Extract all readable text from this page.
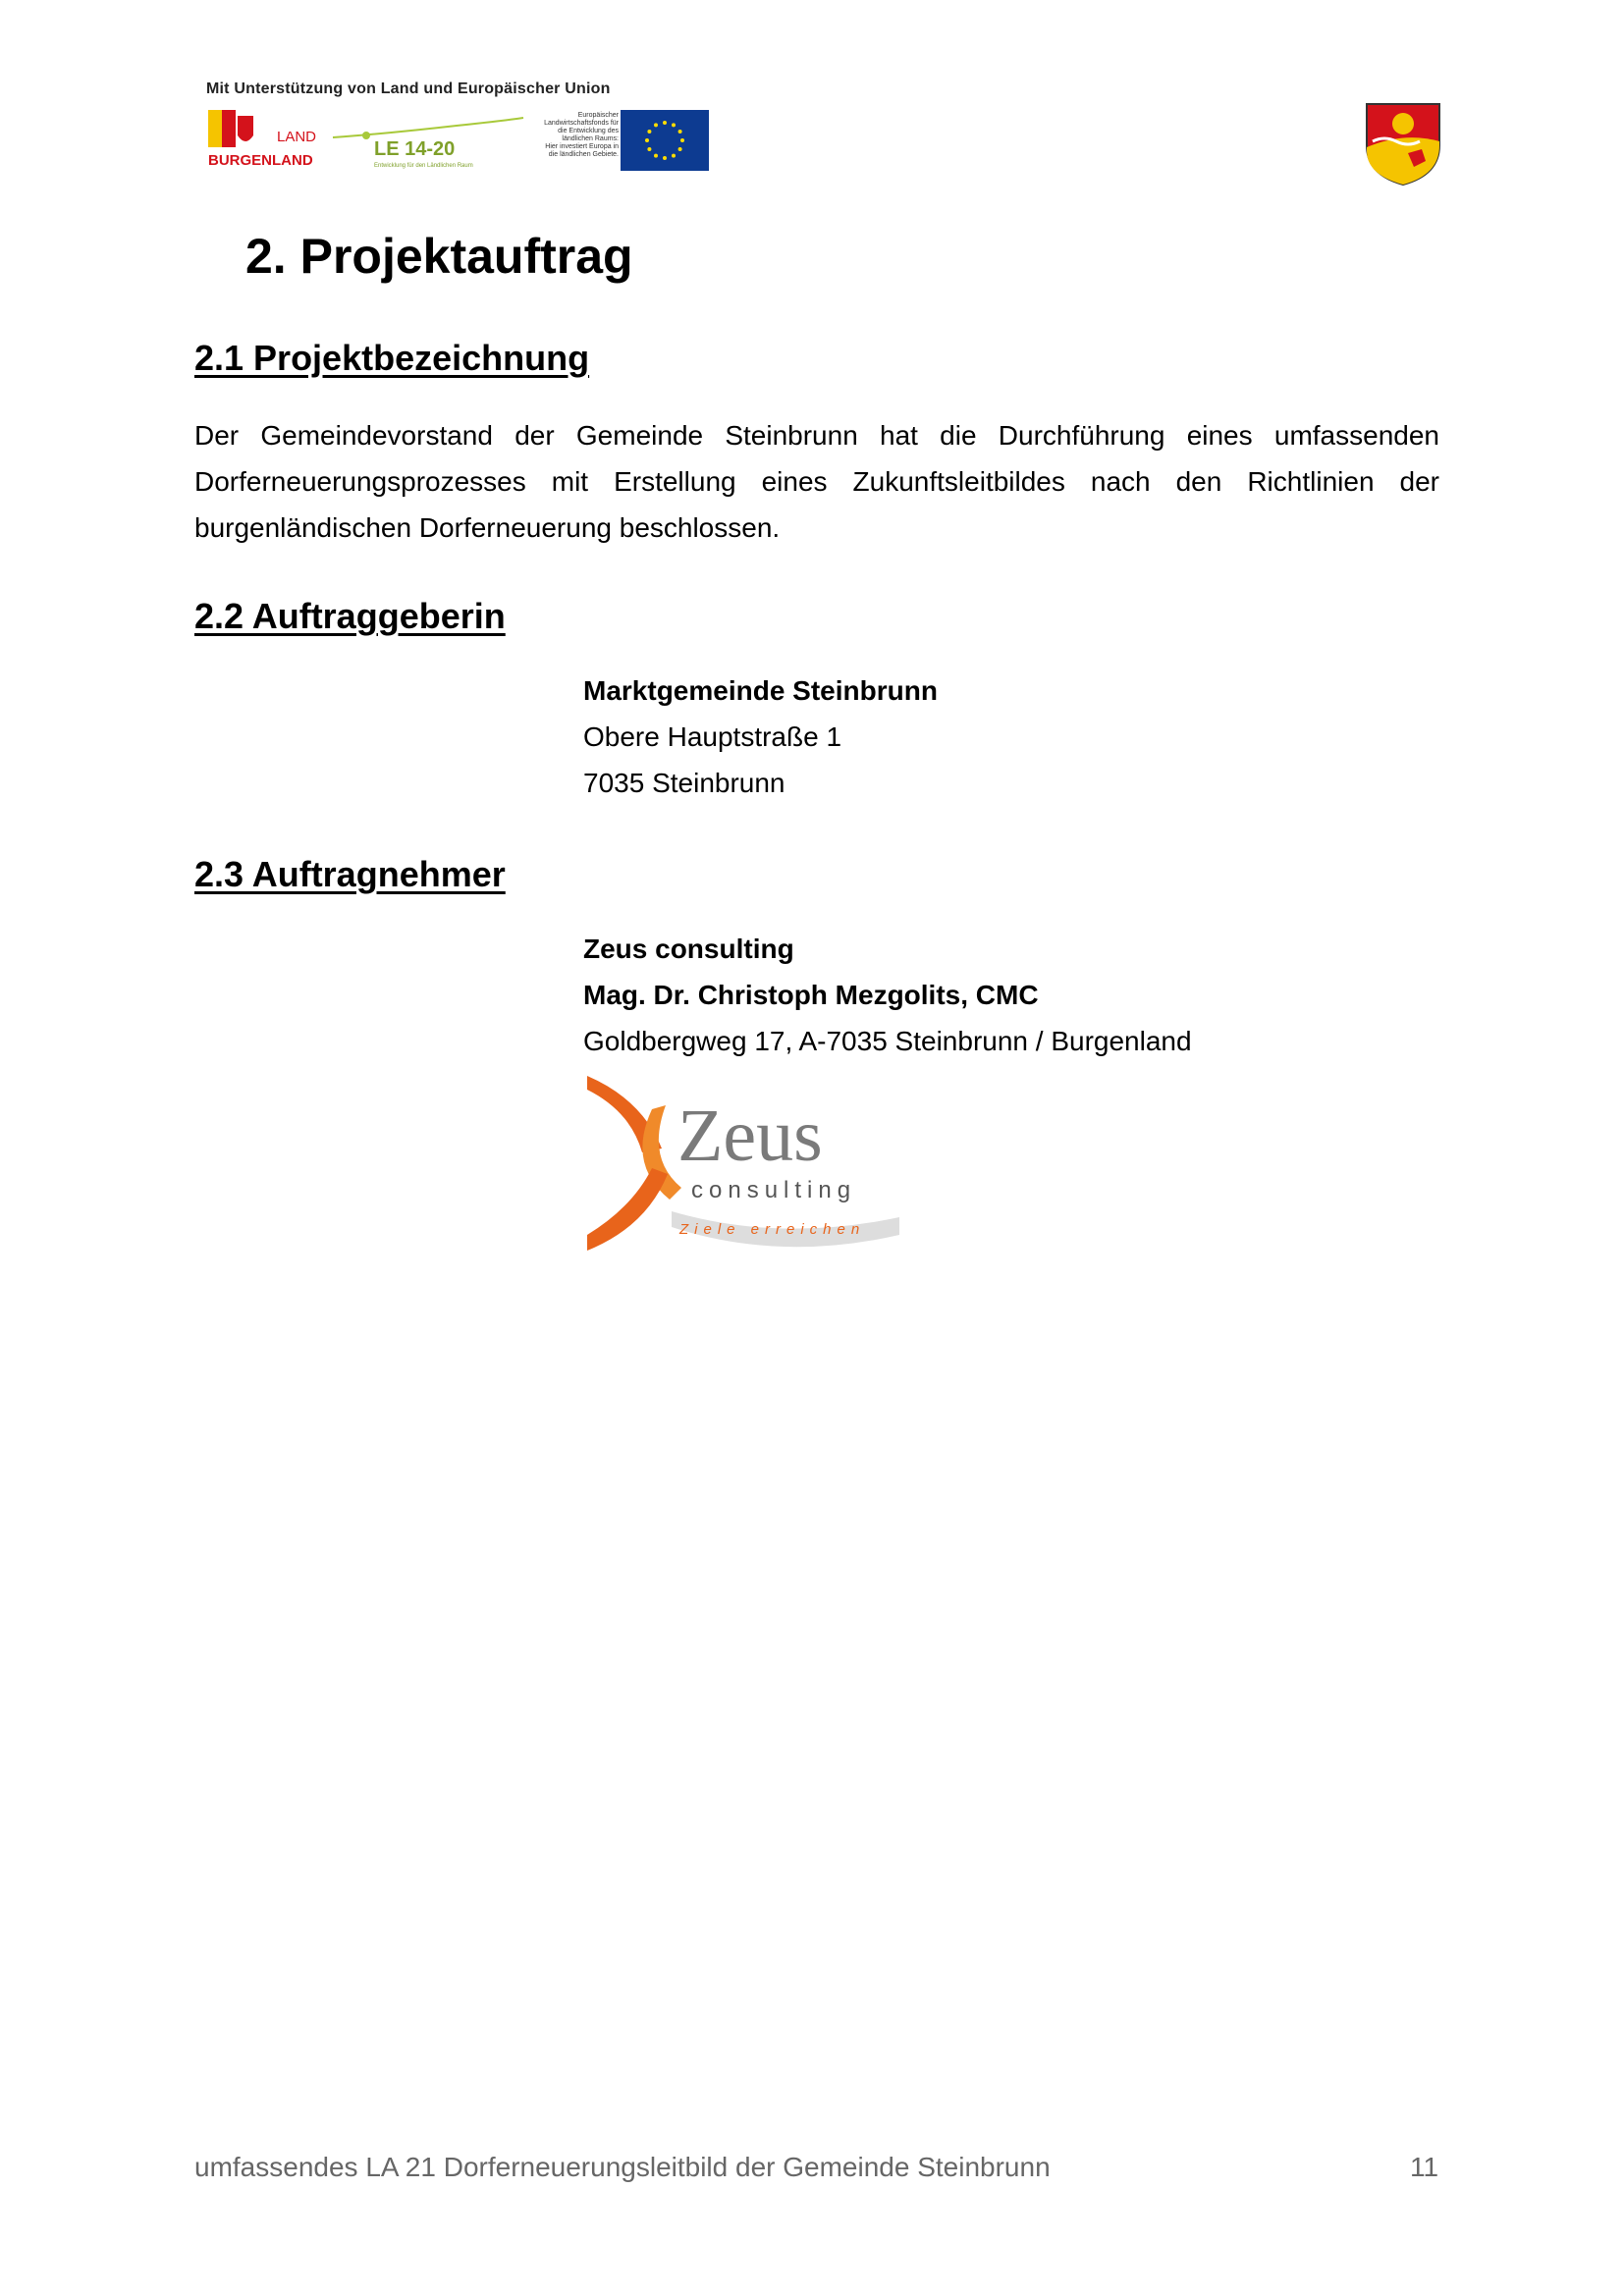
Mit Unterstützung von Land und Europäischer Union
LAND
BURGENLAND
LE 14-20
Entwicklung für den Ländlichen Raum
Europäischer
Landwirtschaftsfonds für
die Entwicklung des
ländlichen Raums:
Hier investiert Europa in
die ländlichen Gebiete.
2. Projektauftrag
2.1 Projektbezeichnung
Der Gemeindevorstand der Gemeinde Steinbrunn hat die Durchführung eines umfassenden Dorferneuerungsprozesses mit Erstellung eines Zukunftsleitbildes nach den Richtlinien der burgenländischen Dorferneuerung beschlossen.
2.2 Auftraggeberin
Marktgemeinde Steinbrunn
Obere Hauptstraße 1
7035 Steinbrunn
2.3 Auftragnehmer
Zeus consulting
Mag. Dr. Christoph Mezgolits, CMC
Goldbergweg 17, A-7035 Steinbrunn / Burgenland
Zeus
consulting
Ziele erreichen
umfassendes LA 21 Dorferneuerungsleitbild der Gemeinde Steinbrunn	11
